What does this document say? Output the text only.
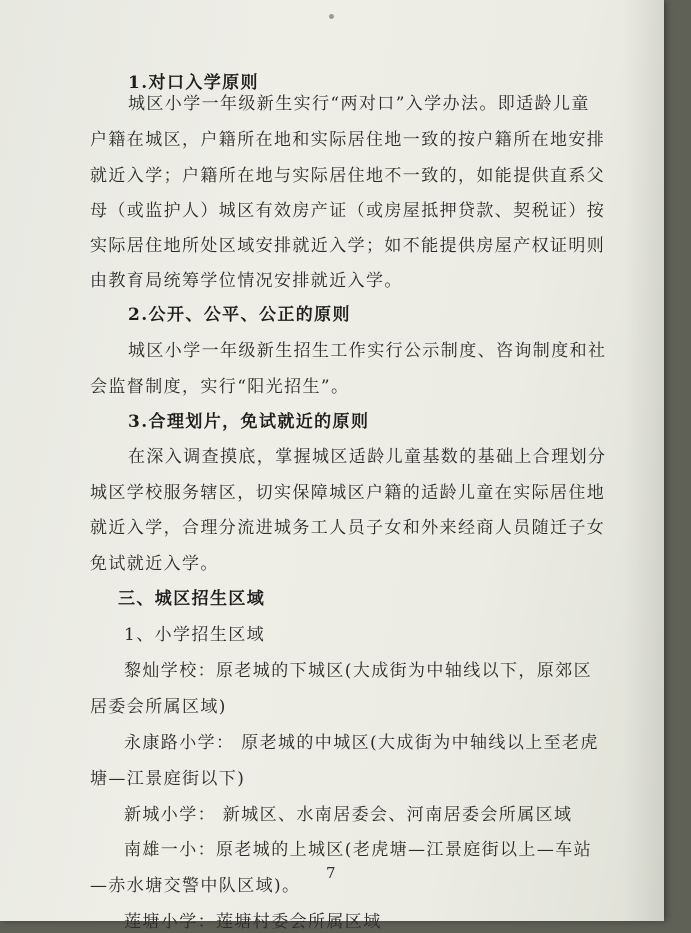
1.对口入学原则
城区小学一年级新生实行“两对口”入学办法。即适龄儿童
户籍在城区，户籍所在地和实际居住地一致的按户籍所在地安排
就近入学；户籍所在地与实际居住地不一致的，如能提供直系父
母（或监护人）城区有效房产证（或房屋抵押贷款、契税证）按
实际居住地所处区域安排就近入学；如不能提供房屋产权证明则
由教育局统筹学位情况安排就近入学。
2.公开、公平、公正的原则
城区小学一年级新生招生工作实行公示制度、咨询制度和社
会监督制度，实行“阳光招生”。
3.合理划片，免试就近的原则
在深入调查摸底，掌握城区适龄儿童基数的基础上合理划分
城区学校服务辖区，切实保障城区户籍的适龄儿童在实际居住地
就近入学，合理分流进城务工人员子女和外来经商人员随迁子女
免试就近入学。
三、城区招生区域
1、小学招生区域
黎灿学校：原老城的下城区(大成街为中轴线以下，原郊区
居委会所属区域)
永康路小学： 原老城的中城区(大成街为中轴线以上至老虎
塘—江景庭街以下)
新城小学： 新城区、水南居委会、河南居委会所属区域
南雄一小：原老城的上城区(老虎塘—江景庭街以上—车站
—赤水塘交警中队区域)。
莲塘小学：莲塘村委会所属区域
7
